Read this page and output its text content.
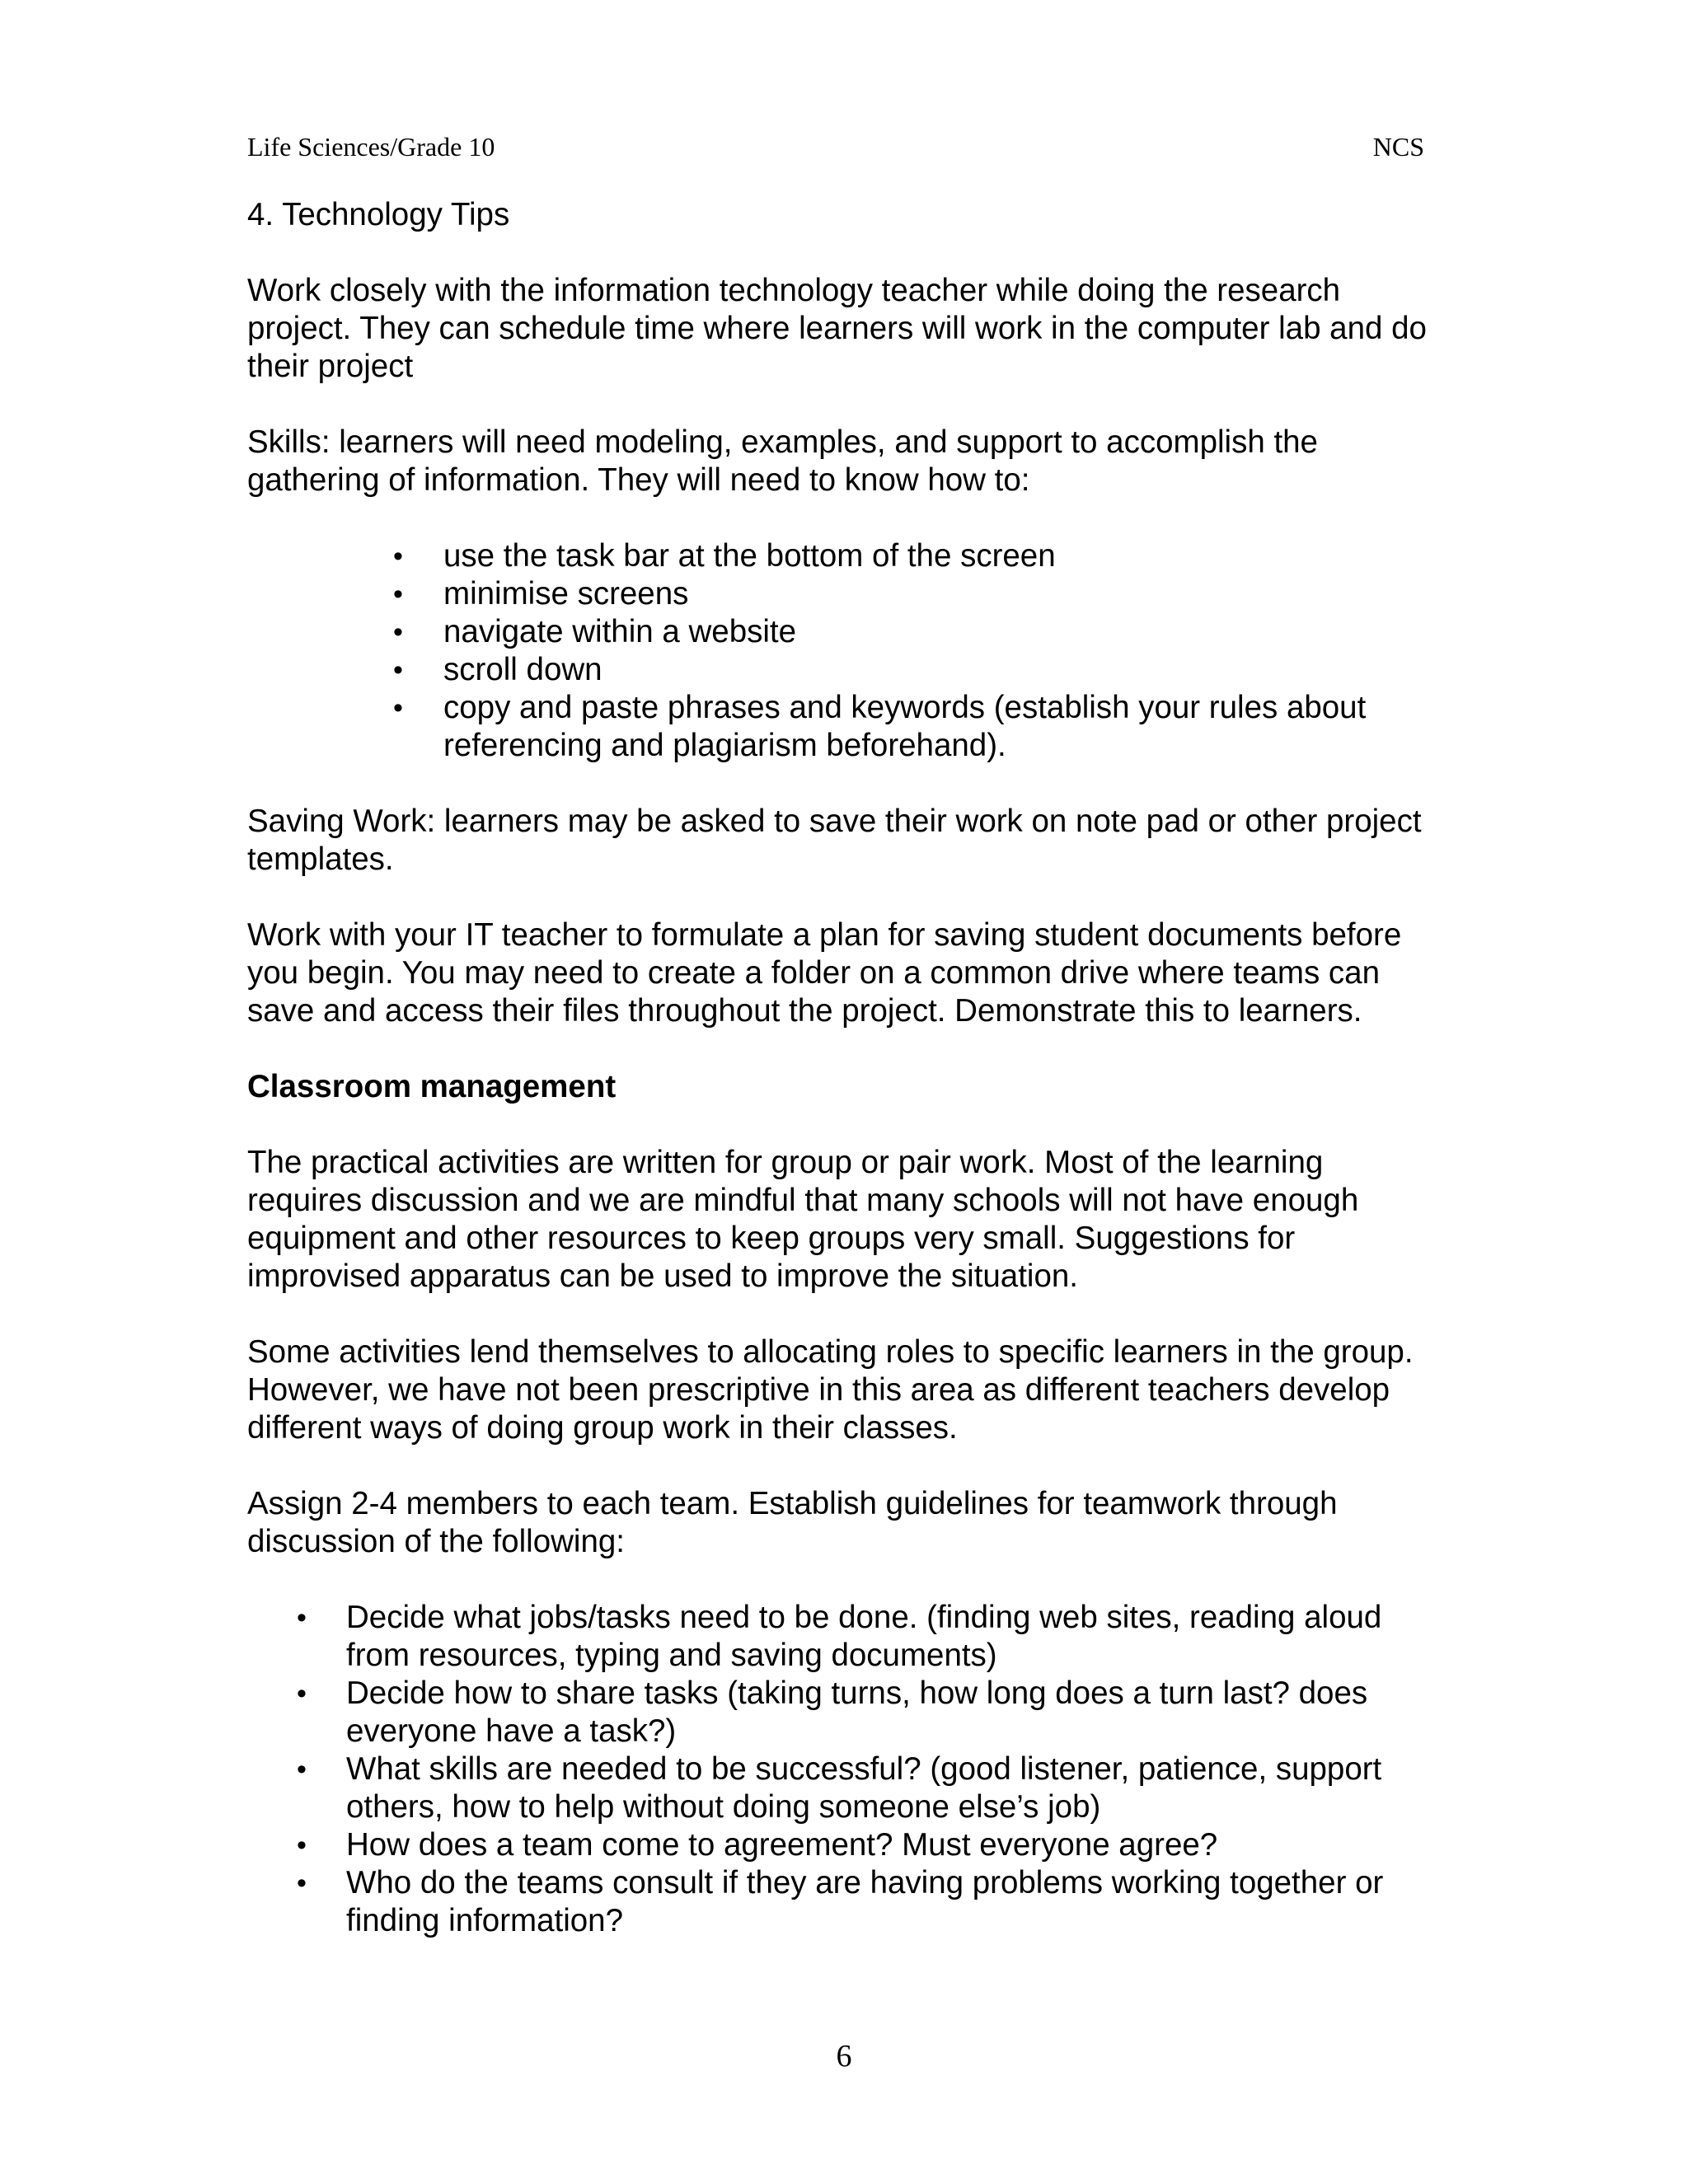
Life Sciences/Grade 10	NCS

4. Technology Tips

Work closely with the information technology teacher while doing the research project. They can schedule time where learners will work in the computer lab and do their project

Skills: learners will need modeling, examples, and support to accomplish the gathering of information. They will need to know how to:

• use the task bar at the bottom of the screen
• minimise screens
• navigate within a website
• scroll down
• copy and paste phrases and keywords (establish your rules about referencing and plagiarism beforehand).

Saving Work: learners may be asked to save their work on note pad or other project templates.

Work with your IT teacher to formulate a plan for saving student documents before you begin. You may need to create a folder on a common drive where teams can save and access their files throughout the project. Demonstrate this to learners.

Classroom management

The practical activities are written for group or pair work. Most of the learning requires discussion and we are mindful that many schools will not have enough equipment and other resources to keep groups very small. Suggestions for improvised apparatus can be used to improve the situation.

Some activities lend themselves to allocating roles to specific learners in the group. However, we have not been prescriptive in this area as different teachers develop different ways of doing group work in their classes.

Assign 2-4 members to each team. Establish guidelines for teamwork through discussion of the following:

• Decide what jobs/tasks need to be done. (finding web sites, reading aloud from resources, typing and saving documents)
• Decide how to share tasks (taking turns, how long does a turn last? does everyone have a task?)
• What skills are needed to be successful? (good listener, patience, support others, how to help without doing someone else’s job)
• How does a team come to agreement? Must everyone agree?
• Who do the teams consult if they are having problems working together or finding information?
6
